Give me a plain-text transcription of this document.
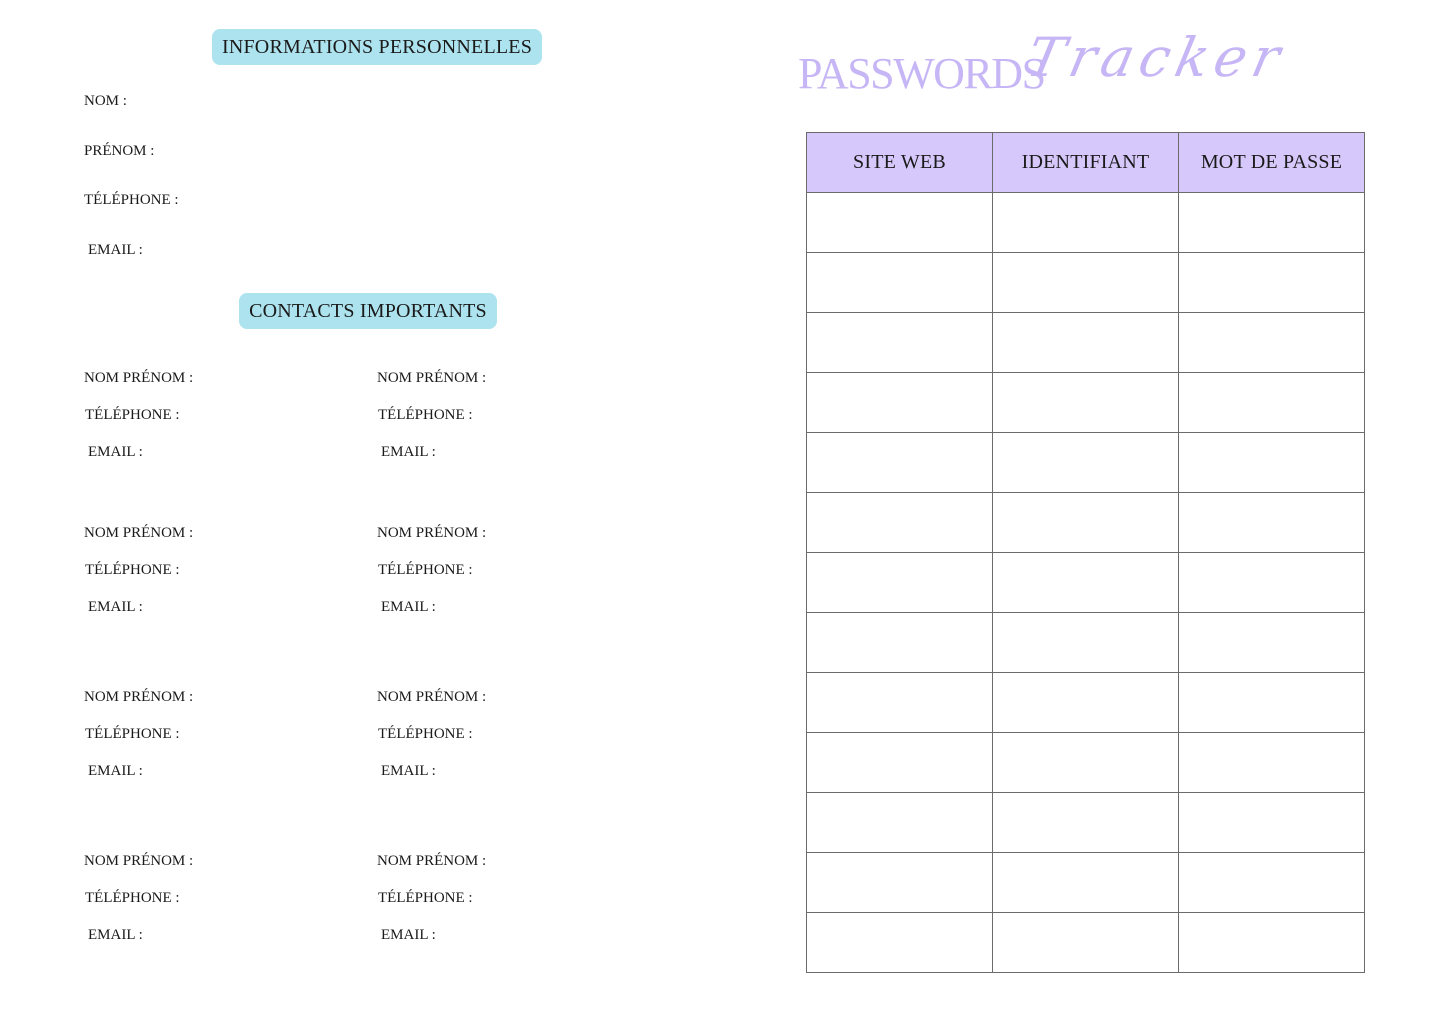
INFORMATIONS PERSONNELLES
NOM :
PRÉNOM :
TÉLÉPHONE :
EMAIL :
CONTACTS IMPORTANTS
NOM PRÉNOM :
TÉLÉPHONE :
EMAIL :
NOM PRÉNOM :
TÉLÉPHONE :
EMAIL :
NOM PRÉNOM :
TÉLÉPHONE :
EMAIL :
NOM PRÉNOM :
TÉLÉPHONE :
EMAIL :
NOM PRÉNOM :
TÉLÉPHONE :
EMAIL :
NOM PRÉNOM :
TÉLÉPHONE :
EMAIL :
NOM PRÉNOM :
TÉLÉPHONE :
EMAIL :
NOM PRÉNOM :
TÉLÉPHONE :
EMAIL :
PASSWORDS
Tracker
SITE WEB	IDENTIFIANT	MOT DE PASSE
